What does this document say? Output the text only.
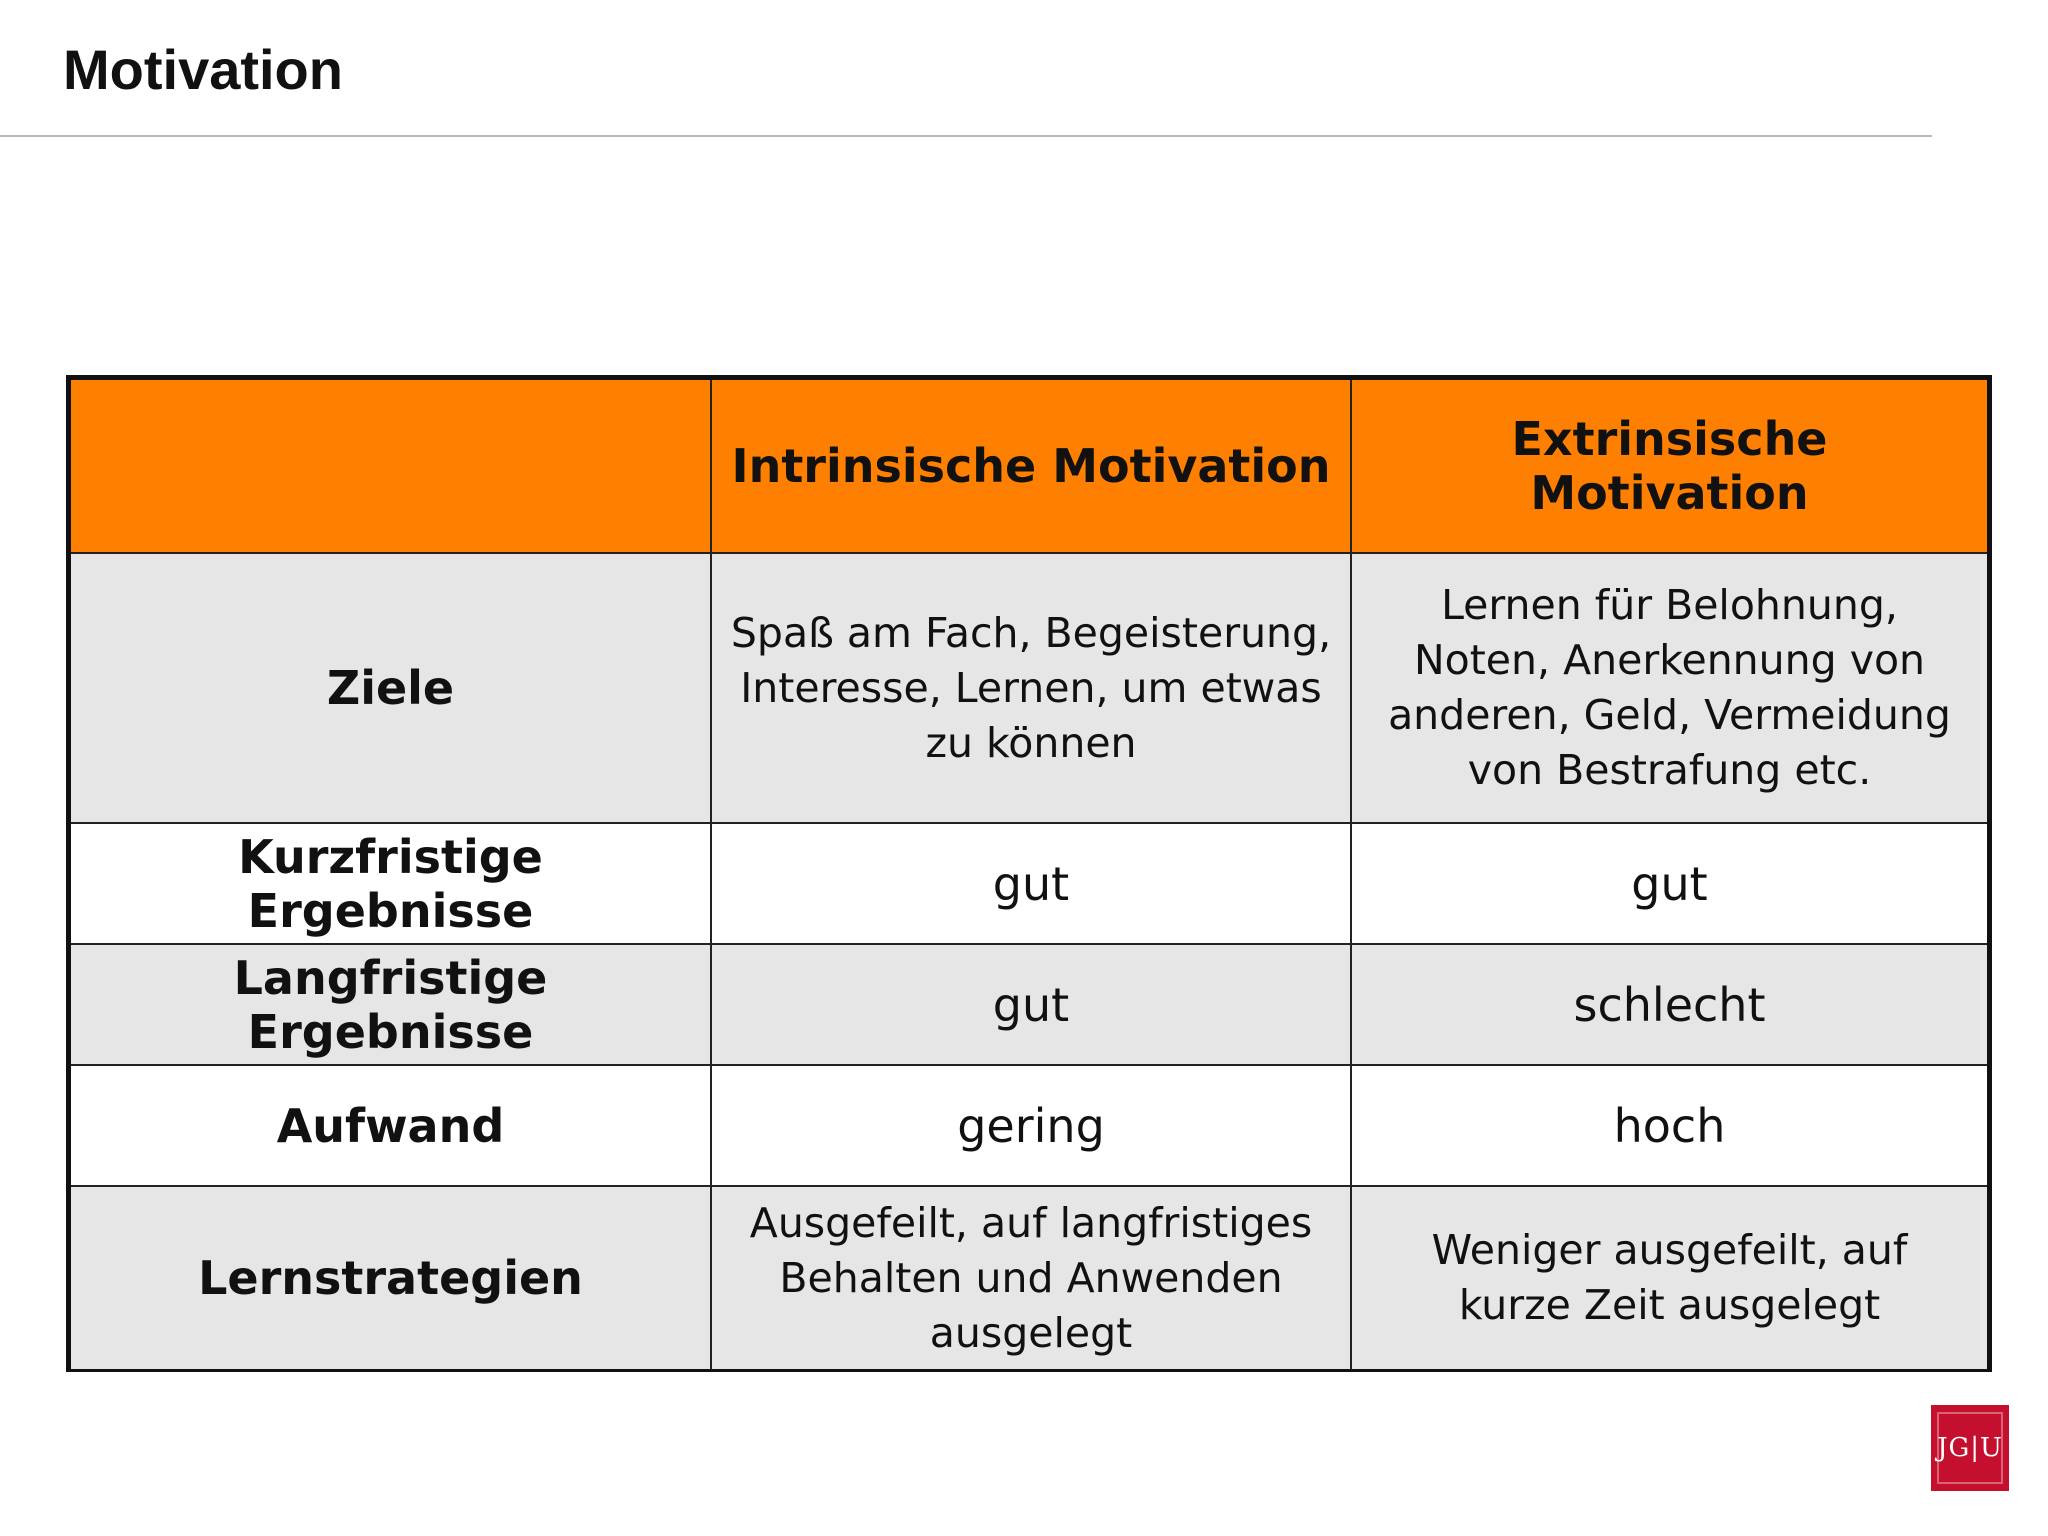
Motivation
	Intrinsische Motivation	Extrinsische Motivation
Ziele	Spaß am Fach, Begeisterung, Interesse, Lernen, um etwas zu können	Lernen für Belohnung, Noten, Anerkennung von anderen, Geld, Vermeidung von Bestrafung etc.
Kurzfristige Ergebnisse	gut	gut
Langfristige Ergebnisse	gut	schlecht
Aufwand	gering	hoch
Lernstrategien	Ausgefeilt, auf langfristiges Behalten und Anwenden ausgelegt	Weniger ausgefeilt, auf kurze Zeit ausgelegt
JG|U
